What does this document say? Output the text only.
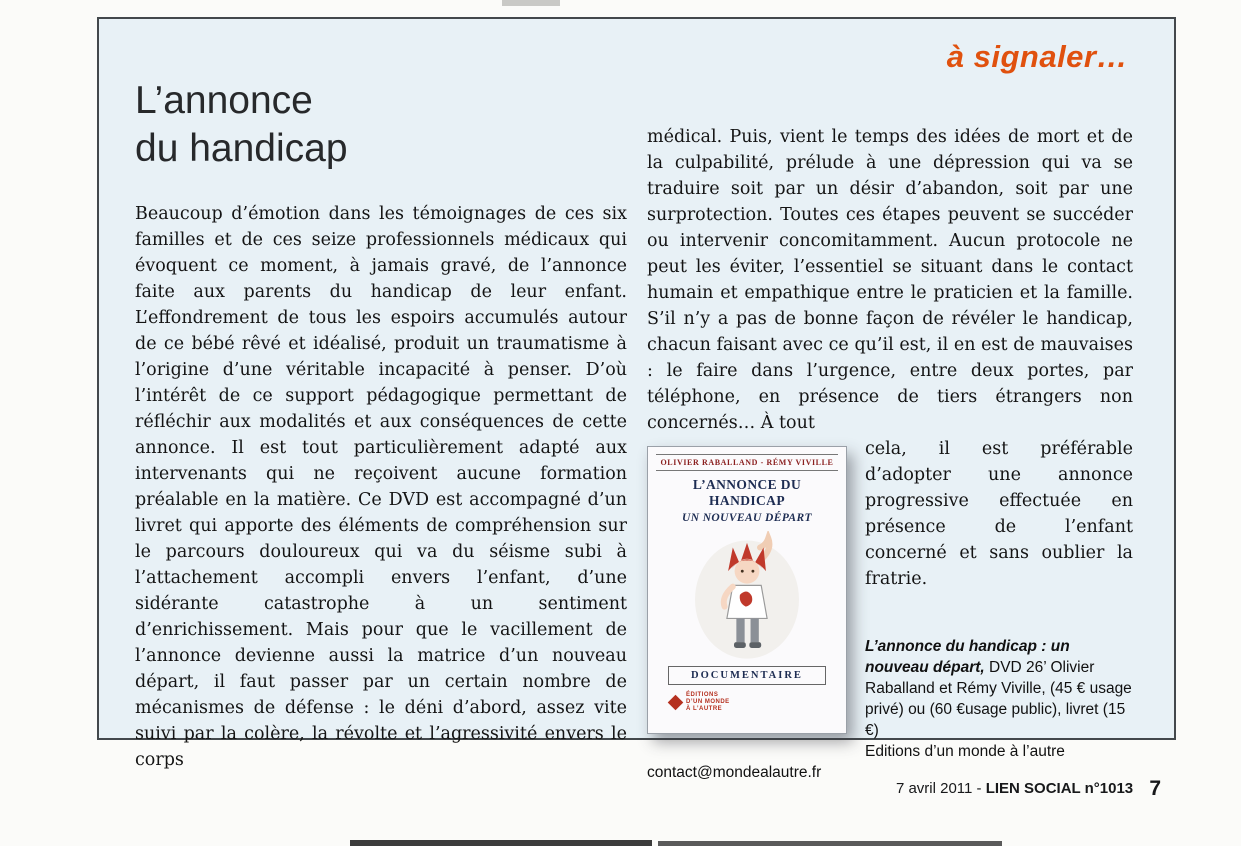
à signaler…
L’annonce
du handicap

Beaucoup d’émotion dans les témoignages de ces six familles et de ces seize professionnels médicaux qui évoquent ce moment, à jamais gravé, de l’annonce faite aux parents du handicap de leur enfant. L’effondrement de tous les espoirs accumulés autour de ce bébé rêvé et idéalisé, produit un traumatisme à l’origine d’une véritable incapacité à penser. D’où l’intérêt de ce support pédagogique permettant de réfléchir aux modalités et aux conséquences de cette annonce. Il est tout particulièrement adapté aux intervenants qui ne reçoivent aucune formation préalable en la matière. Ce DVD est accompagné d’un livret qui apporte des éléments de compréhension sur le parcours douloureux qui va du séisme subi à l’attachement accompli envers l’enfant, d’une sidérante catastrophe à un sentiment d’enrichissement. Mais pour que le vacillement de l’annonce devienne aussi la matrice d’un nouveau départ, il faut passer par un certain nombre de mécanismes de défense : le déni d’abord, assez vite suivi par la colère, la révolte et l’agressivité envers le corps

médical. Puis, vient le temps des idées de mort et de la culpabilité, prélude à une dépression qui va se traduire soit par un désir d’abandon, soit par une surprotection. Toutes ces étapes peuvent se succéder ou intervenir concomitamment. Aucun protocole ne peut les éviter, l’essentiel se situant dans le contact humain et empathique entre le praticien et la famille. S’il n’y a pas de bonne façon de révéler le handicap, chacun faisant avec ce qu’il est, il en est de mauvaises : le faire dans l’urgence, entre deux portes, par téléphone, en présence de tiers étrangers non concernés… À tout

OLIVIER RABALLAND - RÉMY VIVILLE
L’ANNONCE DU HANDICAP
UN NOUVEAU DÉPART
DOCUMENTAIRE
ÉDITIONS
D’UN MONDE
À L’AUTRE

cela, il est préférable d’adopter une annonce progressive effectuée en présence de l’enfant concerné et sans oublier la fratrie.

L’annonce du handicap : un nouveau départ, DVD 26’ Olivier Raballand et Rémy Viville, (45 € usage privé) ou (60 €usage public), livret (15 €)
Editions d’un monde à l’autre
contact@mondealautre.fr

7 avril 2011 - LIEN SOCIAL n°1013 7
